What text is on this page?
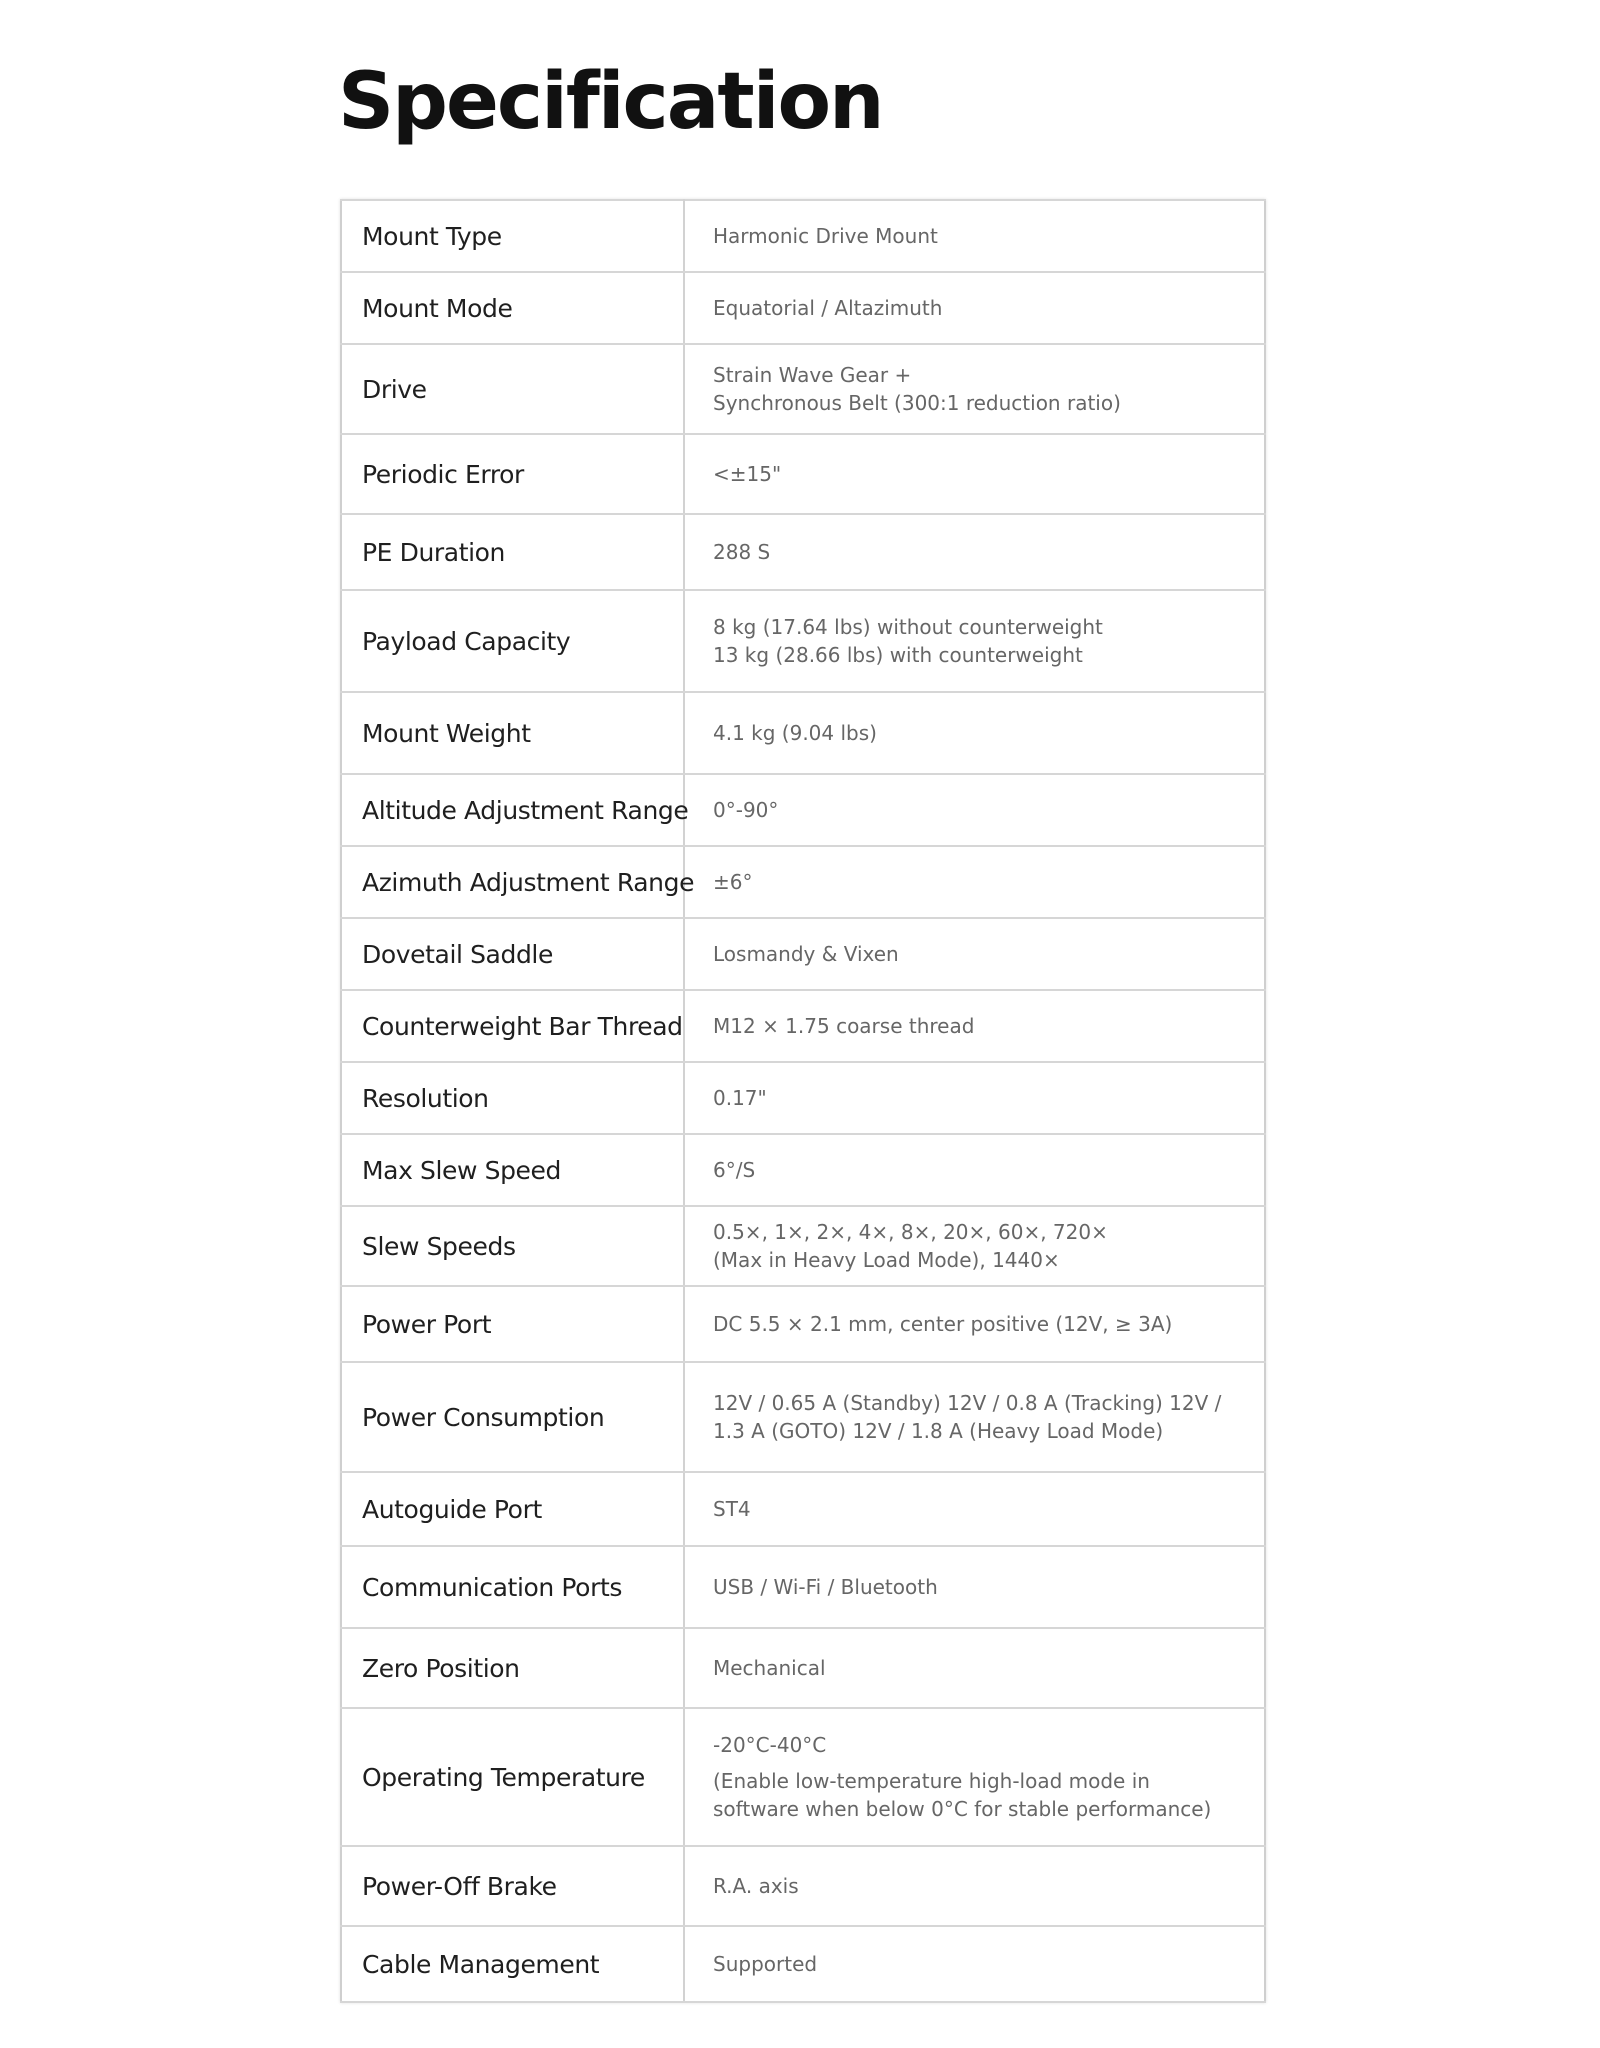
Specification
Mount Type	Harmonic Drive Mount

Mount Mode	Equatorial / Altazimuth

Drive	Strain Wave Gear +
Synchronous Belt (300:1 reduction ratio)

Periodic Error	<±15"

PE Duration	288 S

Payload Capacity	8 kg (17.64 lbs) without counterweight
13 kg (28.66 lbs) with counterweight

Mount Weight	4.1 kg (9.04 lbs)

Altitude Adjustment Range	0°-90°

Azimuth Adjustment Range	±6°

Dovetail Saddle	Losmandy & Vixen

Counterweight Bar Thread	M12 × 1.75 coarse thread

Resolution	0.17"

Max Slew Speed	6°/S

Slew Speeds	0.5×, 1×, 2×, 4×, 8×, 20×, 60×, 720×
(Max in Heavy Load Mode), 1440×

Power Port	DC 5.5 × 2.1 mm, center positive (12V, ≥ 3A)

Power Consumption	12V / 0.65 A (Standby) 12V / 0.8 A (Tracking) 12V /
1.3 A (GOTO) 12V / 1.8 A (Heavy Load Mode)

Autoguide Port	ST4

Communication Ports	USB / Wi-Fi / Bluetooth

Zero Position	Mechanical

Operating Temperature	-20°C-40°C
(Enable low-temperature high-load mode in
software when below 0°C for stable performance)

Power-Off Brake	R.A. axis

Cable Management	Supported
